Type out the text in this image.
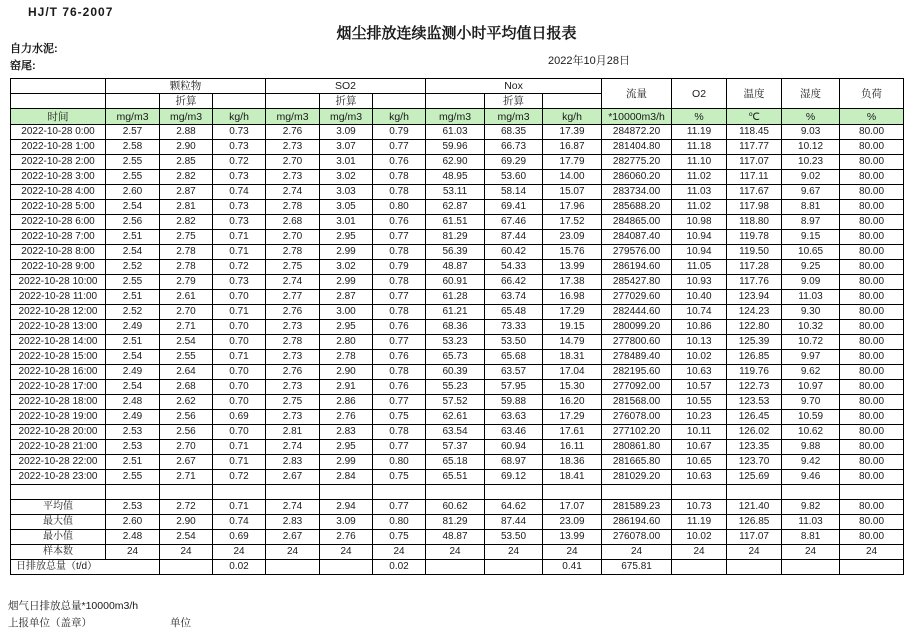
HJ/T 76-2007
烟尘排放连续监测小时平均值日报表
自力水泥:
窑尾:	2022年10月28日
	颗粒物			SO2			Nox			流量	O2	温度	湿度	负荷
		折算			折算			折算						
时间	mg/m3	mg/m3	kg/h	mg/m3	mg/m3	kg/h	mg/m3	mg/m3	kg/h	*10000m3/h	%	℃	%	%
2022-10-28 0:00	2.57	2.88	0.73	2.76	3.09	0.79	61.03	68.35	17.39	284872.20	11.19	118.45	9.03	80.00
2022-10-28 1:00	2.58	2.90	0.73	2.73	3.07	0.77	59.96	66.73	16.87	281404.80	11.18	117.77	10.12	80.00
2022-10-28 2:00	2.55	2.85	0.72	2.70	3.01	0.76	62.90	69.29	17.79	282775.20	11.10	117.07	10.23	80.00
2022-10-28 3:00	2.55	2.82	0.73	2.73	3.02	0.78	48.95	53.60	14.00	286060.20	11.02	117.11	9.02	80.00
2022-10-28 4:00	2.60	2.87	0.74	2.74	3.03	0.78	53.11	58.14	15.07	283734.00	11.03	117.67	9.67	80.00
2022-10-28 5:00	2.54	2.81	0.73	2.78	3.05	0.80	62.87	69.41	17.96	285688.20	11.02	117.98	8.81	80.00
2022-10-28 6:00	2.56	2.82	0.73	2.68	3.01	0.76	61.51	67.46	17.52	284865.00	10.98	118.80	8.97	80.00
2022-10-28 7:00	2.51	2.75	0.71	2.70	2.95	0.77	81.29	87.44	23.09	284087.40	10.94	119.78	9.15	80.00
2022-10-28 8:00	2.54	2.78	0.71	2.78	2.99	0.78	56.39	60.42	15.76	279576.00	10.94	119.50	10.65	80.00
2022-10-28 9:00	2.52	2.78	0.72	2.75	3.02	0.79	48.87	54.33	13.99	286194.60	11.05	117.28	9.25	80.00
2022-10-28 10:00	2.55	2.79	0.73	2.74	2.99	0.78	60.91	66.42	17.38	285427.80	10.93	117.76	9.09	80.00
2022-10-28 11:00	2.51	2.61	0.70	2.77	2.87	0.77	61.28	63.74	16.98	277029.60	10.40	123.94	11.03	80.00
2022-10-28 12:00	2.52	2.70	0.71	2.76	3.00	0.78	61.21	65.48	17.29	282444.60	10.74	124.23	9.30	80.00
2022-10-28 13:00	2.49	2.71	0.70	2.73	2.95	0.76	68.36	73.33	19.15	280099.20	10.86	122.80	10.32	80.00
2022-10-28 14:00	2.51	2.54	0.70	2.78	2.80	0.77	53.23	53.50	14.79	277800.60	10.13	125.39	10.72	80.00
2022-10-28 15:00	2.54	2.55	0.71	2.73	2.78	0.76	65.73	65.68	18.31	278489.40	10.02	126.85	9.97	80.00
2022-10-28 16:00	2.49	2.64	0.70	2.76	2.90	0.78	60.39	63.57	17.04	282195.60	10.63	119.76	9.62	80.00
2022-10-28 17:00	2.54	2.68	0.70	2.73	2.91	0.76	55.23	57.95	15.30	277092.00	10.57	122.73	10.97	80.00
2022-10-28 18:00	2.48	2.62	0.70	2.75	2.86	0.77	57.52	59.88	16.20	281568.00	10.55	123.53	9.70	80.00
2022-10-28 19:00	2.49	2.56	0.69	2.73	2.76	0.75	62.61	63.63	17.29	276078.00	10.23	126.45	10.59	80.00
2022-10-28 20:00	2.53	2.56	0.70	2.81	2.83	0.78	63.54	63.46	17.61	277102.20	10.11	126.02	10.62	80.00
2022-10-28 21:00	2.53	2.70	0.71	2.74	2.95	0.77	57.37	60.94	16.11	280861.80	10.67	123.35	9.88	80.00
2022-10-28 22:00	2.51	2.67	0.71	2.83	2.99	0.80	65.18	68.97	18.36	281665.80	10.65	123.70	9.42	80.00
2022-10-28 23:00	2.55	2.71	0.72	2.67	2.84	0.75	65.51	69.12	18.41	281029.20	10.63	125.69	9.46	80.00

平均值	2.53	2.72	0.71	2.74	2.94	0.77	60.62	64.62	17.07	281589.23	10.73	121.40	9.82	80.00
最大值	2.60	2.90	0.74	2.83	3.09	0.80	81.29	87.44	23.09	286194.60	11.19	126.85	11.03	80.00
最小值	2.48	2.54	0.69	2.67	2.76	0.75	48.87	53.50	13.99	276078.00	10.02	117.07	8.81	80.00
样本数	24	24	24	24	24	24	24	24	24	24	24	24	24	24
日排放总量（t/d）			0.02			0.02			0.41	675.81				
烟气日排放总量*10000m3/h
上报单位（盖章）	单位
